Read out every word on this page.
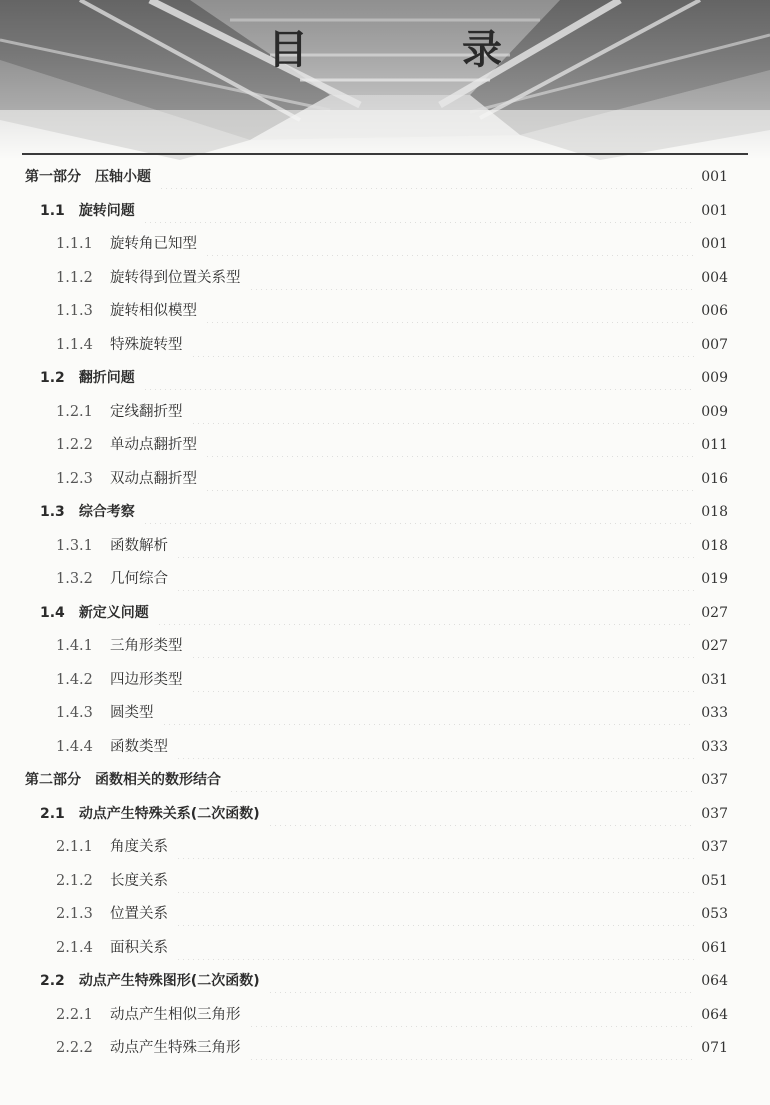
目 录
第一部分 压轴小题	001
1.1 旋转问题	001
1.1.1 旋转角已知型	001
1.1.2 旋转得到位置关系型	004
1.1.3 旋转相似模型	006
1.1.4 特殊旋转型	007
1.2 翻折问题	009
1.2.1 定线翻折型	009
1.2.2 单动点翻折型	011
1.2.3 双动点翻折型	016
1.3 综合考察	018
1.3.1 函数解析	018
1.3.2 几何综合	019
1.4 新定义问题	027
1.4.1 三角形类型	027
1.4.2 四边形类型	031
1.4.3 圆类型	033
1.4.4 函数类型	033
第二部分 函数相关的数形结合	037
2.1 动点产生特殊关系(二次函数)	037
2.1.1 角度关系	037
2.1.2 长度关系	051
2.1.3 位置关系	053
2.1.4 面积关系	061
2.2 动点产生特殊图形(二次函数)	064
2.2.1 动点产生相似三角形	064
2.2.2 动点产生特殊三角形	071
